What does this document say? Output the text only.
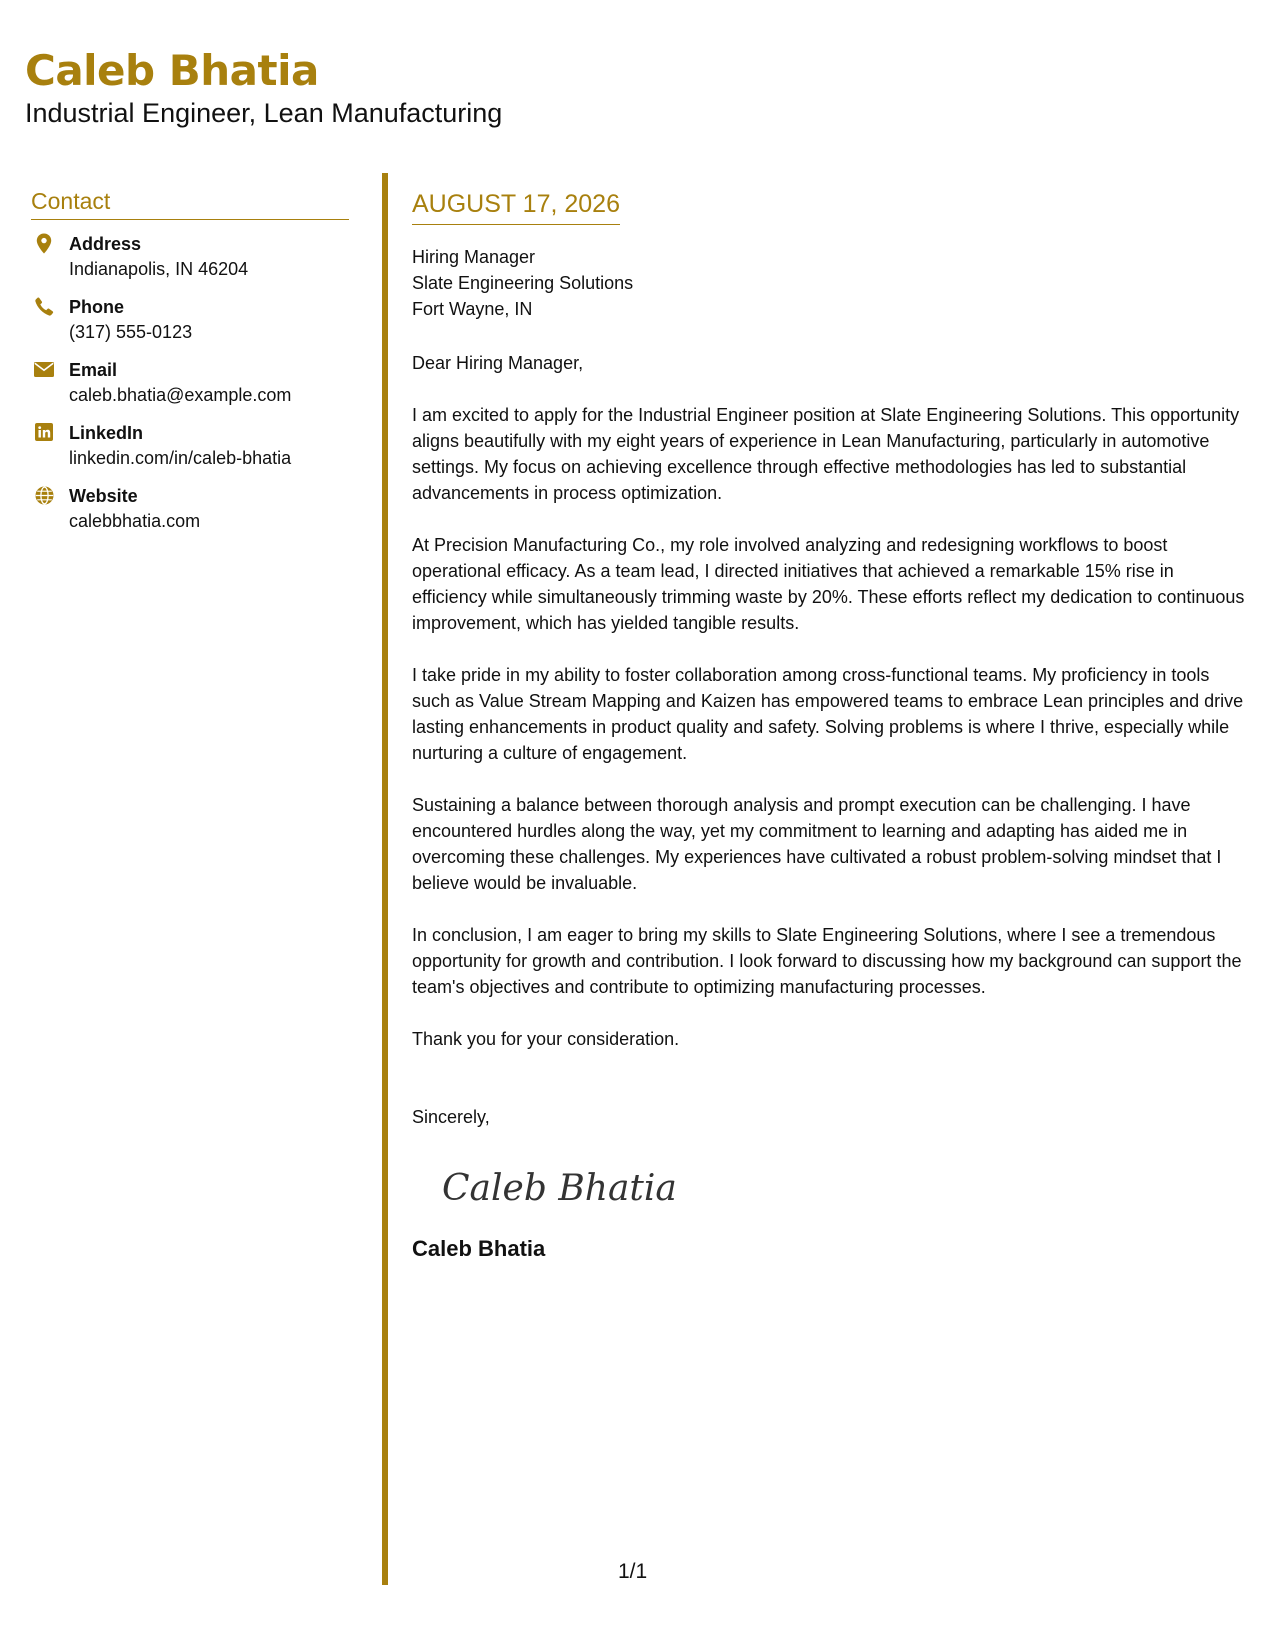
Caleb Bhatia
Industrial Engineer, Lean Manufacturing
Contact
Address
Indianapolis, IN 46204
Phone
(317) 555-0123
Email
caleb.bhatia@example.com
LinkedIn
linkedin.com/in/caleb-bhatia
Website
calebbhatia.com
AUGUST 17, 2026
Hiring Manager
Slate Engineering Solutions
Fort Wayne, IN
Dear Hiring Manager,
I am excited to apply for the Industrial Engineer position at Slate Engineering Solutions. This opportunity aligns beautifully with my eight years of experience in Lean Manufacturing, particularly in automotive settings. My focus on achieving excellence through effective methodologies has led to substantial advancements in process optimization.
At Precision Manufacturing Co., my role involved analyzing and redesigning workflows to boost operational efficacy. As a team lead, I directed initiatives that achieved a remarkable 15% rise in efficiency while simultaneously trimming waste by 20%. These efforts reflect my dedication to continuous improvement, which has yielded tangible results.
I take pride in my ability to foster collaboration among cross-functional teams. My proficiency in tools such as Value Stream Mapping and Kaizen has empowered teams to embrace Lean principles and drive lasting enhancements in product quality and safety. Solving problems is where I thrive, especially while nurturing a culture of engagement.
Sustaining a balance between thorough analysis and prompt execution can be challenging. I have encountered hurdles along the way, yet my commitment to learning and adapting has aided me in overcoming these challenges. My experiences have cultivated a robust problem-solving mindset that I believe would be invaluable.
In conclusion, I am eager to bring my skills to Slate Engineering Solutions, where I see a tremendous opportunity for growth and contribution. I look forward to discussing how my background can support the team's objectives and contribute to optimizing manufacturing processes.
Thank you for your consideration.
Sincerely,
Caleb Bhatia
Caleb Bhatia
1/1
